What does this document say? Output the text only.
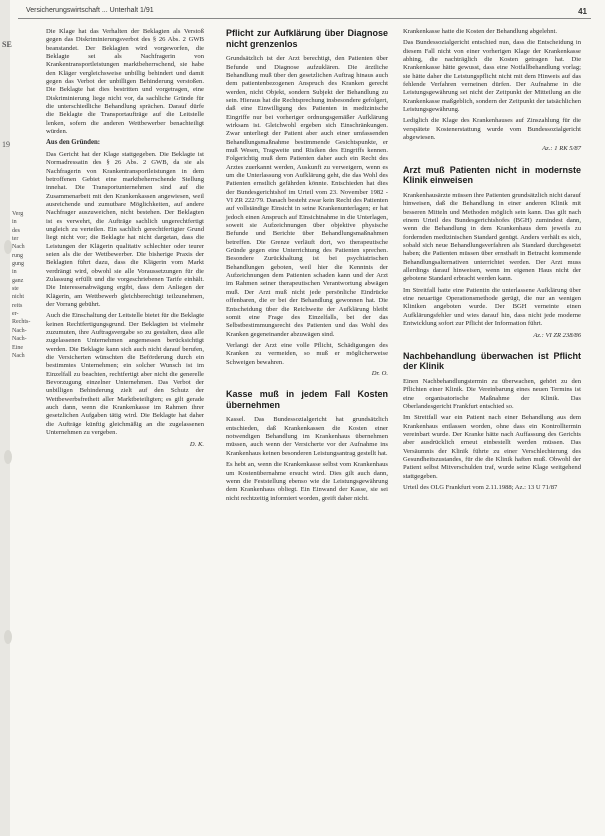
Versicherungswirtschaft ... Unterhalt 1/91	41
SE
19
Verg
in
des
ter
Nach
rung
gung
in
ganz
ste
nicht
reits
er-
Rechts-
Nach-
Nach-
Eine
Nach

Die Klage hat das Verhalten der Beklagten als Verstoß gegen das Diskriminierungsverbot des § 26 Abs. 2 GWB beanstandet. Der Beklagten wird vorgeworfen, die Beklagte sei als Nachfragerin von Krankentransportleistungen marktbeherrschend, sie habe den Kläger vergleichsweise unbillig behindert und damit gegen das Verbot der unbilligen Behinderung verstoßen. Die Beklagte hat dies bestritten und vorgetragen, eine Diskriminierung liege nicht vor, da sachliche Gründe für die unterschiedliche Behandlung sprächen. Darauf dürfe die Beklagte die Transportaufträge auf die Leitstelle lenken, sofern die anderen Wettbewerber benachteiligt würden.

Aus den Gründen:

Das Gericht hat der Klage stattgegeben. Die Beklagte ist Normadressatin des § 26 Abs. 2 GWB, da sie als Nachfragerin von Krankentransportleistungen in dem betroffenen Gebiet eine marktbeherrschende Stellung innehat. Die Transportunternehmen sind auf die Zusammenarbeit mit den Krankenkassen angewiesen, weil ausreichende und zumutbare Möglichkeiten, auf andere Nachfrager auszuweichen, nicht bestehen. Der Beklagten ist es verwehrt, die Aufträge sachlich ungerechtfertigt ungleich zu verteilen. Ein sachlich gerechtfertigter Grund liegt nicht vor; die Beklagte hat nicht dargetan, dass die Leistungen der Klägerin qualitativ schlechter oder teurer seien als die der Wettbewerber. Die bisherige Praxis der Beklagten führt dazu, dass die Klägerin vom Markt verdrängt wird, obwohl sie alle Voraussetzungen für die Zulassung erfüllt und die vorgeschriebenen Tarife einhält. Die Interessenabwägung ergibt, dass dem Anliegen der Klägerin, am Wettbewerb gleichberechtigt teilzunehmen, der Vorrang gebührt.

Auch die Einschaltung der Leitstelle bietet für die Beklagte keinen Rechtfertigungsgrund. Der Beklagten ist vielmehr zuzumuten, ihre Auftragsvergabe so zu gestalten, dass alle zugelassenen Unternehmen angemessen berücksichtigt werden. Die Beklagte kann sich auch nicht darauf berufen, die Versicherten wünschten die Beförderung durch ein bestimmtes Unternehmen; ein solcher Wunsch ist im Einzelfall zu beachten, rechtfertigt aber nicht die generelle Bevorzugung einzelner Unternehmen. Das Verbot der unbilligen Behinderung zielt auf den Schutz der Wettbewerbsfreiheit aller Marktbeteiligten; es gilt gerade auch dann, wenn die Krankenkasse im Rahmen ihrer gesetzlichen Aufgaben tätig wird. Die Beklagte hat daher die Aufträge künftig gleichmäßig an die zugelassenen Unternehmen zu vergeben.

D. K.

Pflicht zur Aufklärung über Diagnose nicht grenzenlos

Grundsätzlich ist der Arzt berechtigt, den Patienten über Befunde und Diagnose aufzuklären. Die ärztliche Behandlung muß über den gesetzlichen Auftrag hinaus auch dem patientenbezogenen Anspruch des Kranken gerecht werden, nicht Objekt, sondern Subjekt der Behandlung zu sein. Hieraus hat die Rechtsprechung insbesondere gefolgert, daß eine Einwilligung des Patienten in medizinische Eingriffe nur bei vorheriger ordnungsgemäßer Aufklärung wirksam ist. Gleichwohl ergeben sich Einschränkungen. Zwar unterliegt der Patient aber auch einer umfassenden Behandlungsmaßnahme bestimmende Gesichtspunkte, er muß Wesen, Tragweite und Risiken des Eingriffs kennen. Folgerichtig muß dem Patienten daher auch ein Recht des Arztes zuerkannt werden, Auskunft zu verweigern, wenn es um die Unterlassung von Aufklärung geht, die das Wohl des Patienten ernstlich gefährden könnte. Entschieden hat dies der Bundesgerichtshof im Urteil vom 23. November 1982 - VI ZR 222/79. Danach besteht zwar kein Recht des Patienten auf vollständige Einsicht in seine Krankenunterlagen; er hat jedoch einen Anspruch auf Einsichtnahme in die Unterlagen, soweit sie Aufzeichnungen über objektive physische Befunde und Berichte über Behandlungsmaßnahmen betreffen. Die Grenze verläuft dort, wo therapeutische Gründe gegen eine Unterrichtung des Patienten sprechen. Besondere Zurückhaltung ist bei psychiatrischen Behandlungen geboten, weil hier die Kenntnis der Aufzeichnungen dem Patienten schaden kann und der Arzt im Rahmen seiner therapeutischen Verantwortung abwägen muß. Der Arzt muß nicht jede persönliche Eindrücke offenbaren, die er bei der Behandlung gewonnen hat. Die Entscheidung über die Reichweite der Aufklärung bleibt somit eine Frage des Einzelfalls, bei der das Selbstbestimmungsrecht des Patienten und das Wohl des Kranken gegeneinander abzuwägen sind.

Verlangt der Arzt eine volle Pflicht, Schädigungen des Kranken zu vermeiden, so muß er möglicherweise Schweigen bewahren.

Dr. O.

Kasse muß in jedem Fall Kosten übernehmen

Kassel. Das Bundessozialgericht hat grundsätzlich entschieden, daß Krankenkassen die Kosten einer notwendigen Behandlung im Krankenhaus übernehmen müssen, auch wenn der Versicherte vor der Aufnahme ins Krankenhaus keinen besonderen Leistungsantrag gestellt hat.

Es hebt an, wenn die Krankenkasse selbst vom Krankenhaus um Kostenübernahme ersucht wird. Dies gilt auch dann, wenn die Feststellung ebenso wie die Leistungsgewährung dem Krankenhaus obliegt. Ein Einwand der Kasse, sie sei nicht rechtzeitig informiert worden, greift daher nicht.

Krankenkasse hatte die Kosten der Behandlung abgelehnt.

Das Bundessozialgericht entschied nun, dass die Entscheidung in diesem Fall nicht von einer vorherigen Klage der Krankenkasse abhing, die nachträglich die Kosten getragen hat. Die Krankenkasse hätte gewusst, dass eine Notfallbehandlung vorlag; sie hätte daher die Leistungspflicht nicht mit dem Hinweis auf das fehlende Verfahren verneinen dürfen. Der Aufnahme in die Leistungsgewährung sei nicht der Zeitpunkt der Mitteilung an die Krankenkasse maßgeblich, sondern der Zeitpunkt der tatsächlichen Leistungsgewährung.

Lediglich die Klage des Krankenhauses auf Zinszahlung für die verspätete Kostenerstattung wurde vom Bundessozialgericht abgewiesen.

Az.: 1 RK 5/87

Arzt muß Patienten nicht in modernste Klinik einweisen

Krankenhausärzte müssen ihre Patienten grundsätzlich nicht darauf hinweisen, daß die Behandlung in einer anderen Klinik mit besseren Mitteln und Methoden möglich sein kann. Das gilt nach einem Urteil des Bundesgerichtshofes (BGH) zumindest dann, wenn die Behandlung in dem Krankenhaus dem jeweils zu fordernden medizinischen Standard genügt. Anders verhält es sich, sobald sich neue Behandlungsverfahren als Standard durchgesetzt haben; die Patienten müssen über ernsthaft in Betracht kommende Behandlungsalternativen unterrichtet werden. Der Arzt muss allerdings darauf hinweisen, wenn im eigenen Haus nicht der gebotene Standard erbracht werden kann.

Im Streitfall hatte eine Patientin die unterlassene Aufklärung über eine neuartige Operationsmethode gerügt, die nur an wenigen Kliniken angeboten wurde. Der BGH verneinte einen Aufklärungsfehler und wies darauf hin, dass nicht jede moderne Entwicklung sofort zur Pflicht der Information führt.

Az.: VI ZR 238/86

Nachbehandlung überwachen ist Pflicht der Klinik

Einen Nachbehandlungstermin zu überwachen, gehört zu den Pflichten einer Klinik. Die Vereinbarung eines neuen Termins ist eine organisatorische Maßnahme der Klinik. Das Oberlandesgericht Frankfurt entschied so.

Im Streitfall war ein Patient nach einer Behandlung aus dem Krankenhaus entlassen worden, ohne dass ein Kontrolltermin vereinbart wurde. Der Kranke hätte nach Auffassung des Gerichts aber ausdrücklich erneut einbestellt werden müssen. Das Versäumnis der Klinik führte zu einer Verschlechterung des Gesundheitszustandes, für die die Klinik haften muß. Obwohl der Patient selbst Mitverschulden traf, wurde seine Klage weitgehend stattgegeben.

Urteil des OLG Frankfurt vom 2.11.1988; Az.: 13 U 71/87
